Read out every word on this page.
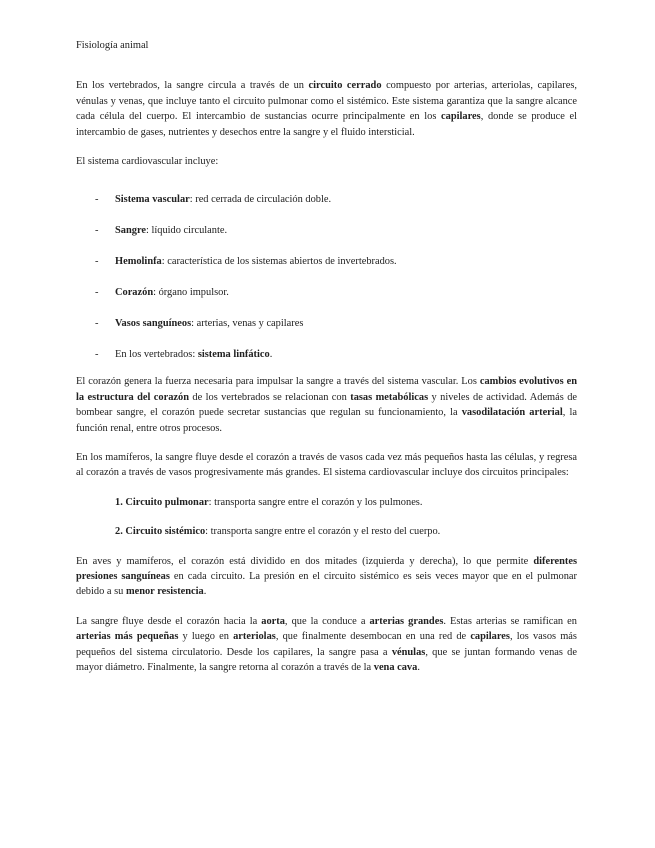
Fisiología animal

En los vertebrados, la sangre circula a través de un circuito cerrado compuesto por arterias, arteriolas, capilares, vénulas y venas, que incluye tanto el circuito pulmonar como el sistémico. Este sistema garantiza que la sangre alcance cada célula del cuerpo. El intercambio de sustancias ocurre principalmente en los capilares, donde se produce el intercambio de gases, nutrientes y desechos entre la sangre y el fluido intersticial.

El sistema cardiovascular incluye:

- Sistema vascular: red cerrada de circulación doble.
- Sangre: líquido circulante.
- Hemolinfa: característica de los sistemas abiertos de invertebrados.
- Corazón: órgano impulsor.
- Vasos sanguíneos: arterias, venas y capilares
- En los vertebrados: sistema linfático.

El corazón genera la fuerza necesaria para impulsar la sangre a través del sistema vascular. Los cambios evolutivos en la estructura del corazón de los vertebrados se relacionan con tasas metabólicas y niveles de actividad. Además de bombear sangre, el corazón puede secretar sustancias que regulan su funcionamiento, la vasodilatación arterial, la función renal, entre otros procesos.

En los mamíferos, la sangre fluye desde el corazón a través de vasos cada vez más pequeños hasta las células, y regresa al corazón a través de vasos progresivamente más grandes. El sistema cardiovascular incluye dos circuitos principales:

1. Circuito pulmonar: transporta sangre entre el corazón y los pulmones.
2. Circuito sistémico: transporta sangre entre el corazón y el resto del cuerpo.

En aves y mamíferos, el corazón está dividido en dos mitades (izquierda y derecha), lo que permite diferentes presiones sanguíneas en cada circuito. La presión en el circuito sistémico es seis veces mayor que en el pulmonar debido a su menor resistencia.

La sangre fluye desde el corazón hacia la aorta, que la conduce a arterias grandes. Estas arterias se ramifican en arterias más pequeñas y luego en arteriolas, que finalmente desembocan en una red de capilares, los vasos más pequeños del sistema circulatorio. Desde los capilares, la sangre pasa a vénulas, que se juntan formando venas de mayor diámetro. Finalmente, la sangre retorna al corazón a través de la vena cava.
